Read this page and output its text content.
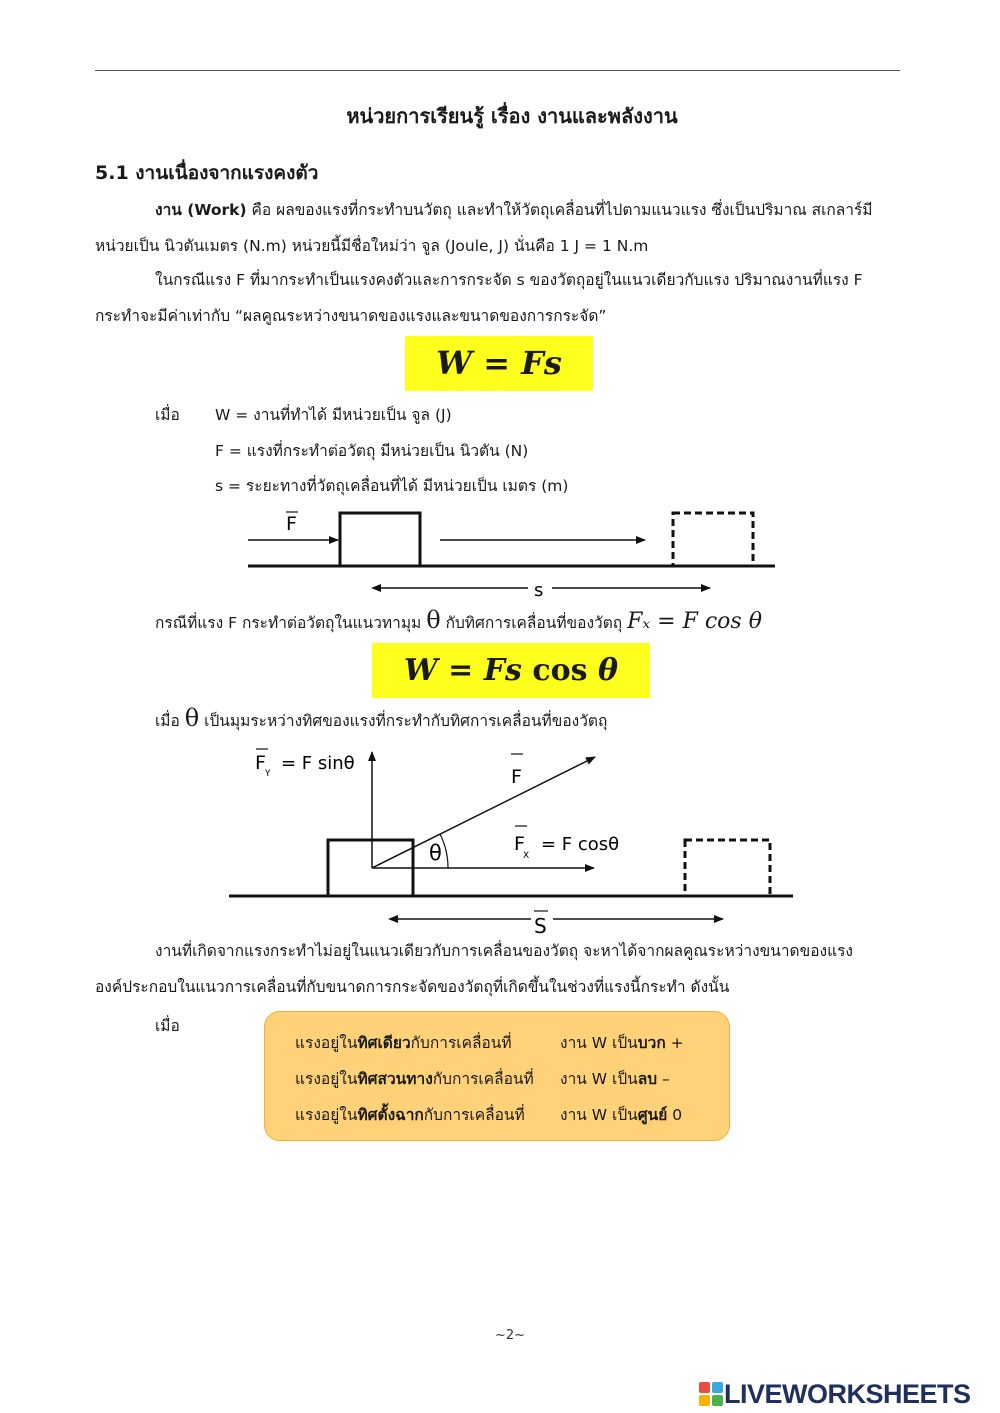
หน่วยการเรียนรู้ เรื่อง งานและพลังงาน
5.1 งานเนื่องจากแรงคงตัว
งาน (Work) คือ ผลของแรงที่กระทำบนวัตถุ และทำให้วัตถุเคลื่อนที่ไปตามแนวแรง ซึ่งเป็นปริมาณ สเกลาร์มี
หน่วยเป็น นิวตันเมตร (N.m) หน่วยนี้มีชื่อใหม่ว่า จูล (Joule, J) นั่นคือ 1 J = 1 N.m
ในกรณีแรง F ที่มากระทำเป็นแรงคงตัวและการกระจัด s ของวัตถุอยู่ในแนวเดียวกับแรง ปริมาณงานที่แรง F
กระทำจะมีค่าเท่ากับ “ผลคูณระหว่างขนาดของแรงและขนาดของการกระจัด”
W = Fs
เมื่อ W = งานที่ทำได้ มีหน่วยเป็น จูล (J)
F = แรงที่กระทำต่อวัตถุ มีหน่วยเป็น นิวตัน (N)
s = ระยะทางที่วัตถุเคลื่อนที่ได้ มีหน่วยเป็น เมตร (m)
F
s
กรณีที่แรง F กระทำต่อวัตถุในแนวทามุม θ กับทิศการเคลื่อนที่ของวัตถุ Fₓ = F cos θ
W = Fs cos θ
เมื่อ θ เป็นมุมระหว่างทิศของแรงที่กระทำกับทิศการเคลื่อนที่ของวัตถุ
θ
F Y = F sinθ
F
F
X
= F cosθ
S
งานที่เกิดจากแรงกระทำไม่อยู่ในแนวเดียวกับการเคลื่อนของวัตถุ จะหาได้จากผลคูณระหว่างขนาดของแรง
องค์ประกอบในแนวการเคลื่อนที่กับขนาดการกระจัดของวัตถุที่เกิดขึ้นในช่วงที่แรงนี้กระทำ ดังนั้น
เมื่อ
แรงอยู่ในทิศเดียวกับการเคลื่อนที่	งาน W เป็นบวก +
แรงอยู่ในทิศสวนทางกับการเคลื่อนที่ งาน W เป็นลบ –
แรงอยู่ในทิศตั้งฉากกับการเคลื่อนที่ งาน W เป็นศูนย์ 0
~2~
LIVEWORKSHEETS
